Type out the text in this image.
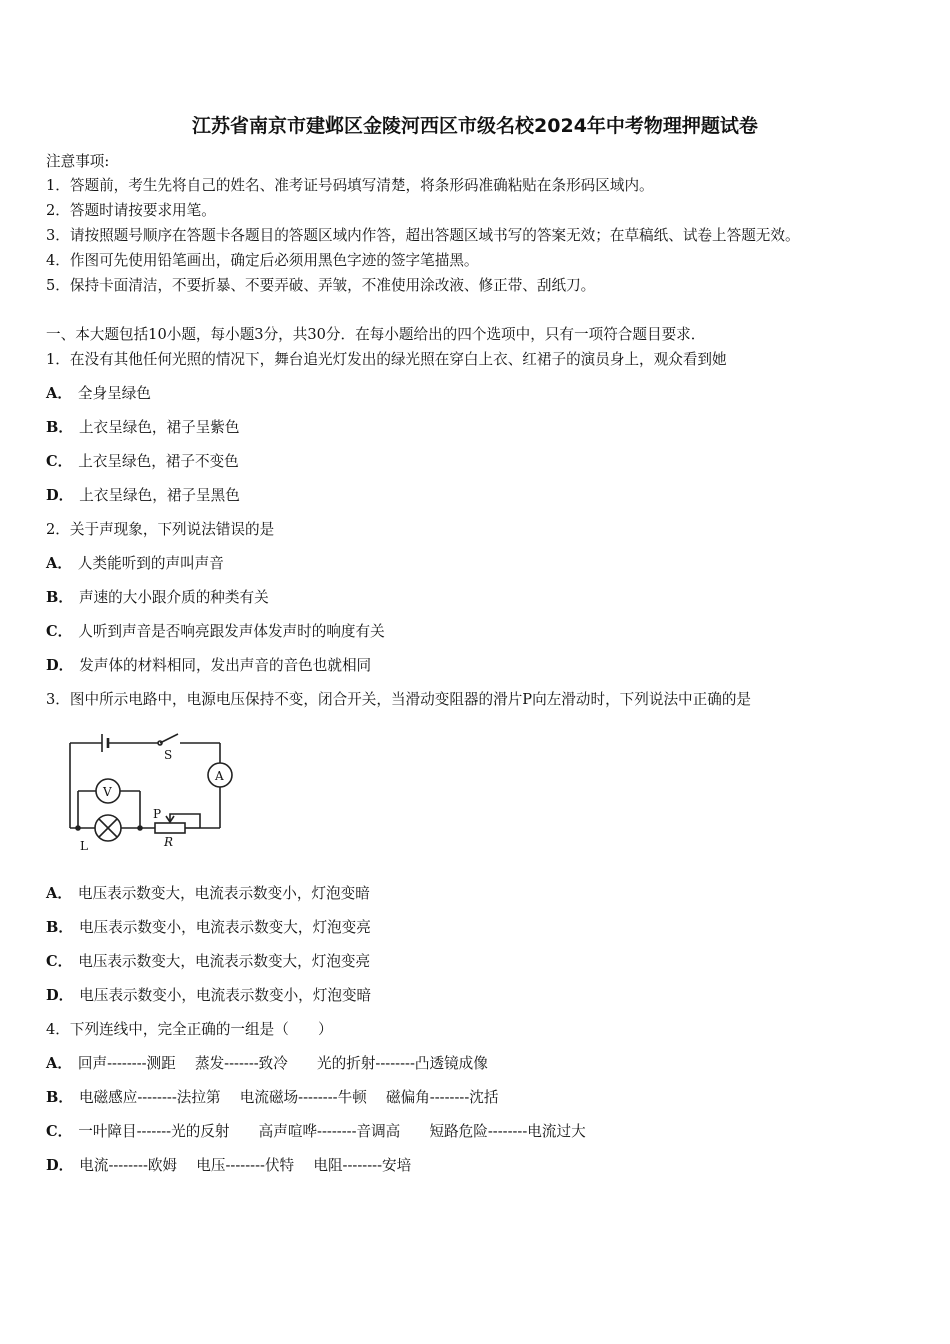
江苏省南京市建邺区金陵河西区市级名校2024年中考物理押题试卷
注意事项:
1．答题前，考生先将自己的姓名、准考证号码填写清楚，将条形码准确粘贴在条形码区域内。
2．答题时请按要求用笔。
3．请按照题号顺序在答题卡各题目的答题区域内作答，超出答题区域书写的答案无效；在草稿纸、试卷上答题无效。
4．作图可先使用铅笔画出，确定后必须用黑色字迹的签字笔描黑。
5．保持卡面清洁，不要折暴、不要弄破、弄皱，不准使用涂改液、修正带、刮纸刀。
一、本大题包括10小题，每小题3分，共30分．在每小题给出的四个选项中，只有一项符合题目要求．
1．在没有其他任何光照的情况下，舞台追光灯发出的绿光照在穿白上衣、红裙子的演员身上，观众看到她
A． 全身呈绿色
B． 上衣呈绿色，裙子呈紫色
C． 上衣呈绿色，裙子不变色
D． 上衣呈绿色，裙子呈黑色
2．关于声现象，下列说法错误的是
A． 人类能听到的声叫声音
B． 声速的大小跟介质的种类有关
C． 人听到声音是否响亮跟发声体发声时的响度有关
D． 发声体的材料相同，发出声音的音色也就相同
3．图中所示电路中，电源电压保持不变，闭合开关，当滑动变阻器的滑片P向左滑动时，下列说法中正确的是
S
A
V
L
P
R
A． 电压表示数变大，电流表示数变小，灯泡变暗
B． 电压表示数变小，电流表示数变大，灯泡变亮
C． 电压表示数变大，电流表示数变大，灯泡变亮
D． 电压表示数变小，电流表示数变小，灯泡变暗
4．下列连线中，完全正确的一组是（　　）
A． 回声--------测距　 蒸发-------致冷　　光的折射--------凸透镜成像
B． 电磁感应--------法拉第　 电流磁场--------牛顿　 磁偏角--------沈括
C． 一叶障目-------光的反射　　高声喧哗--------音调高　　短路危险--------电流过大
D． 电流--------欧姆　 电压--------伏特　 电阻--------安培
